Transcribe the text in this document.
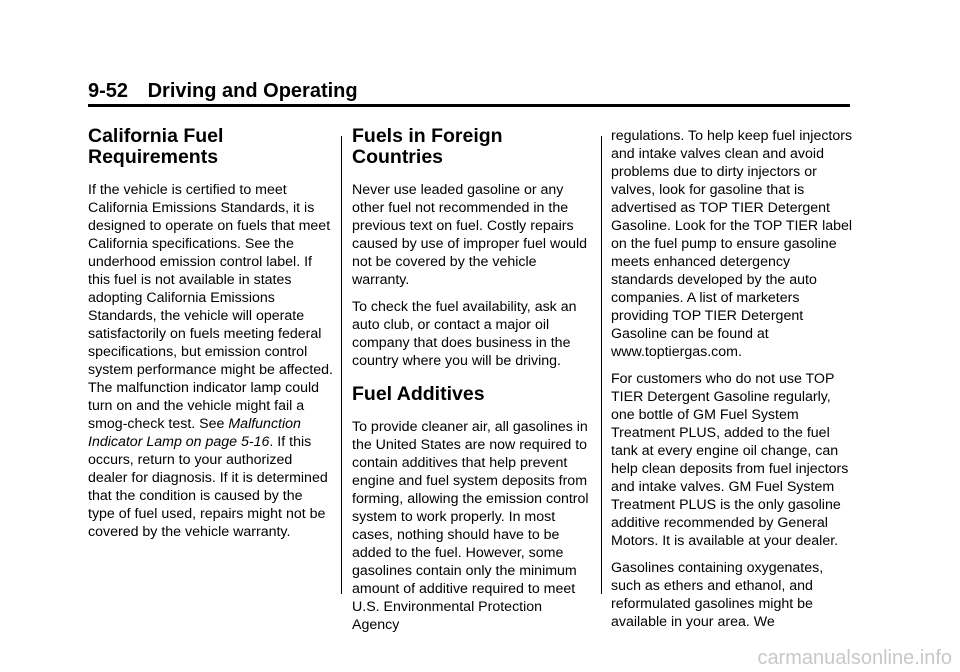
9-52 Driving and Operating
California Fuel
Requirements

If the vehicle is certified to meet California Emissions Standards, it is designed to operate on fuels that meet California specifications. See the underhood emission control label. If this fuel is not available in states adopting California Emissions Standards, the vehicle will operate satisfactorily on fuels meeting federal specifications, but emission control system performance might be affected. The malfunction indicator lamp could turn on and the vehicle might fail a smog-check test. See Malfunction Indicator Lamp on page 5-16. If this occurs, return to your authorized dealer for diagnosis. If it is determined that the condition is caused by the type of fuel used, repairs might not be covered by the vehicle warranty.

Fuels in Foreign
Countries

Never use leaded gasoline or any other fuel not recommended in the previous text on fuel. Costly repairs caused by use of improper fuel would not be covered by the vehicle warranty.

To check the fuel availability, ask an auto club, or contact a major oil company that does business in the country where you will be driving.

Fuel Additives

To provide cleaner air, all gasolines in the United States are now required to contain additives that help prevent engine and fuel system deposits from forming, allowing the emission control system to work properly. In most cases, nothing should have to be added to the fuel. However, some gasolines contain only the minimum amount of additive required to meet U.S. Environmental Protection Agency

regulations. To help keep fuel injectors and intake valves clean and avoid problems due to dirty injectors or valves, look for gasoline that is advertised as TOP TIER Detergent Gasoline. Look for the TOP TIER label on the fuel pump to ensure gasoline meets enhanced detergency standards developed by the auto companies. A list of marketers providing TOP TIER Detergent Gasoline can be found at www.toptiergas.com.

For customers who do not use TOP TIER Detergent Gasoline regularly, one bottle of GM Fuel System Treatment PLUS, added to the fuel tank at every engine oil change, can help clean deposits from fuel injectors and intake valves. GM Fuel System Treatment PLUS is the only gasoline additive recommended by General Motors. It is available at your dealer.

Gasolines containing oxygenates, such as ethers and ethanol, and reformulated gasolines might be available in your area. We

carmanualsonline.info
